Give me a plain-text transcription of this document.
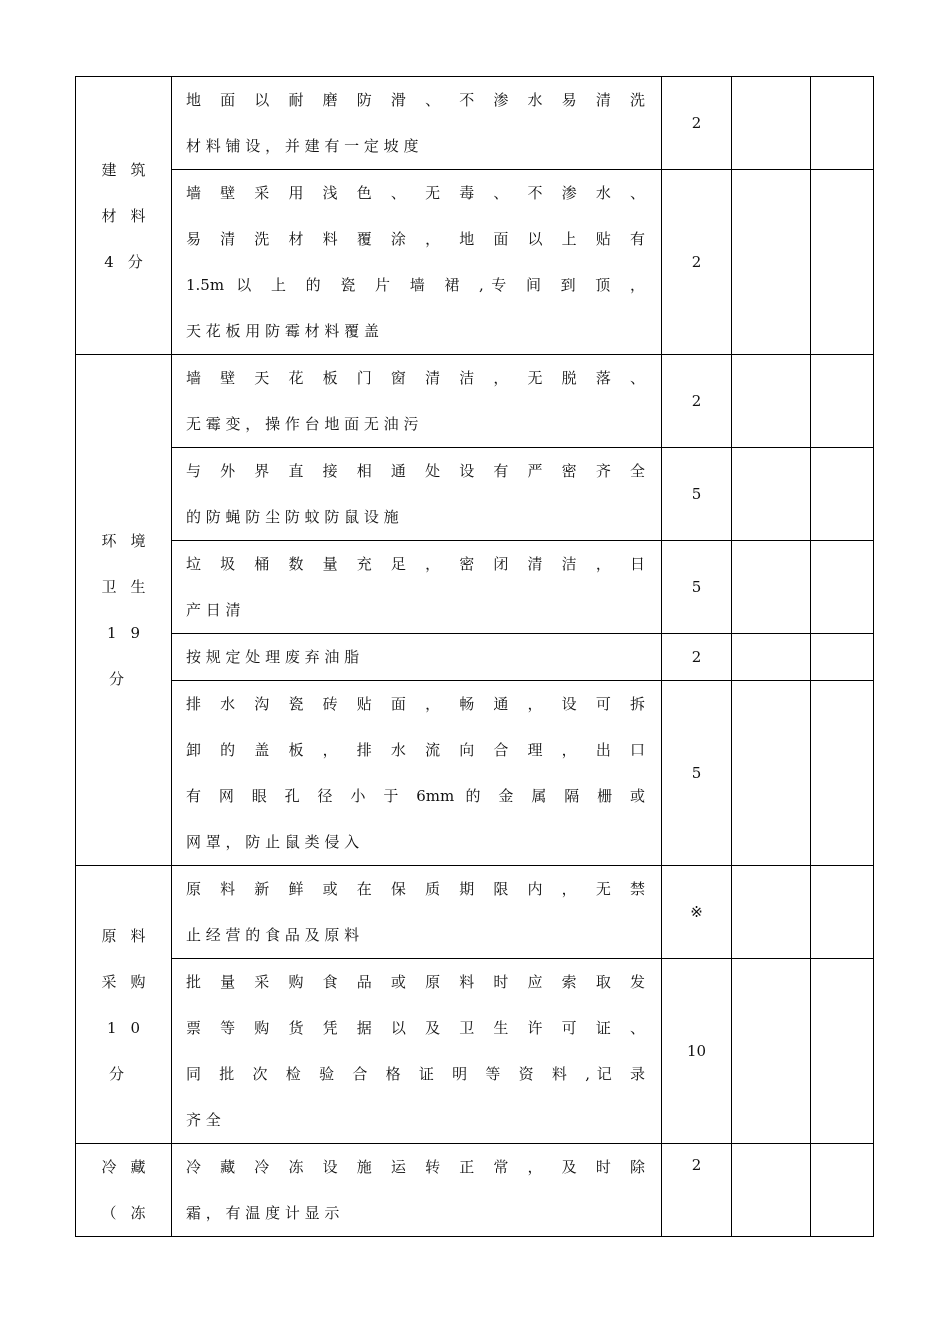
建筑
材料
4分	地 面 以 耐 磨 防 滑 、 不 渗 水 易 清 洗
材 料 铺 设 ， 并 建 有 一 定 坡 度	2		

	墙 壁 采 用 浅 色 、 无 毒 、 不 渗 水 、
易 清 洗 材 料 覆 涂 ， 地 面 以 上 贴 有
1.5m 以 上 的 瓷 片 墙 裙 ,专 间 到 顶 ，
天 花 板 用 防 霉 材 料 覆 盖	2		

环境
卫生
19 分	墙 壁 天 花 板 门 窗 清 洁 ， 无 脱 落 、
无 霉 变 ， 操 作 台 地 面 无 油 污	2		

	与 外 界 直 接 相 通 处 设 有 严 密 齐 全
的 防 蝇 防 尘 防 蚊 防 鼠 设 施	5		

	垃 圾 桶 数 量 充 足 ， 密 闭 清 洁 ， 日
产 日 清	5		

	按 规 定 处 理 废 弃 油 脂	2		

	排 水 沟 瓷 砖 贴 面 ， 畅 通 ， 设 可 拆
卸 的 盖 板 ， 排 水 流 向 合 理 ， 出 口
有 网 眼 孔 径 小 于 6mm 的 金 属 隔 栅 或
网 罩 ， 防 止 鼠 类 侵 入	5		

原料
采购
10 分	原 料 新 鲜 或 在 保 质 期 限 内 ， 无 禁
止 经 营 的 食 品 及 原 料	※		

	批 量 采 购 食 品 或 原 料 时 应 索 取 发
票 等 购 货 凭 据 以 及 卫 生 许 可 证 、
同 批 次 检 验 合 格 证 明 等 资 料 ,记 录
齐 全	10		

冷藏
（冻	冷 藏 冷 冻 设 施 运 转 正 常 ， 及 时 除
霜 ， 有 温 度 计 显 示	2		
